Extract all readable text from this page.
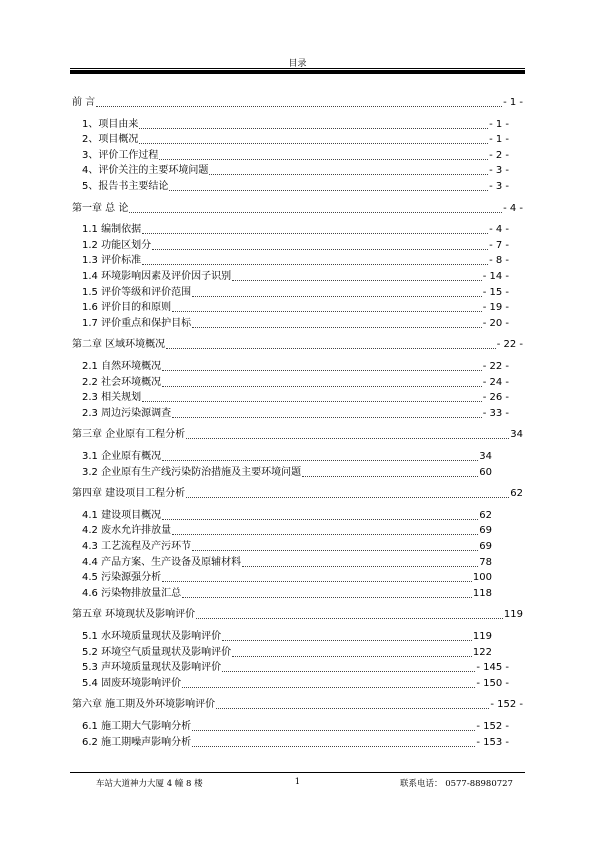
目录
前 言	- 1 -
1、项目由来	- 1 -
2、项目概况	- 1 -
3、评价工作过程	- 2 -
4、评价关注的主要环境问题	- 3 -
5、报告书主要结论	- 3 -
第一章 总 论	- 4 -
1.1 编制依据	- 4 -
1.2 功能区划分	- 7 -
1.3 评价标准	- 8 -
1.4 环境影响因素及评价因子识别	- 14 -
1.5 评价等级和评价范围	- 15 -
1.6 评价目的和原则	- 19 -
1.7 评价重点和保护目标	- 20 -
第二章 区域环境概况	- 22 -
2.1 自然环境概况	- 22 -
2.2 社会环境概况	- 24 -
2.3 相关规划	- 26 -
2.3 周边污染源调查	- 33 -
第三章 企业原有工程分析	34
3.1 企业原有概况	34
3.2 企业原有生产线污染防治措施及主要环境问题	60
第四章 建设项目工程分析	62
4.1 建设项目概况	62
4.2 废水允许排放量	69
4.3 工艺流程及产污环节	69
4.4 产品方案、生产设备及原辅材料	78
4.5 污染源强分析	100
4.6 污染物排放量汇总	118
第五章 环境现状及影响评价	119
5.1 水环境质量现状及影响评价	119
5.2 环境空气质量现状及影响评价	122
5.3 声环境质量现状及影响评价	- 145 -
5.4 固废环境影响评价	- 150 -
第六章 施工期及外环境影响评价	- 152 -
6.1 施工期大气影响分析	- 152 -
6.2 施工期噪声影响分析	- 153 -
车站大道神力大厦 4 幢 8 楼	1	联系电话： 0577-88980727
